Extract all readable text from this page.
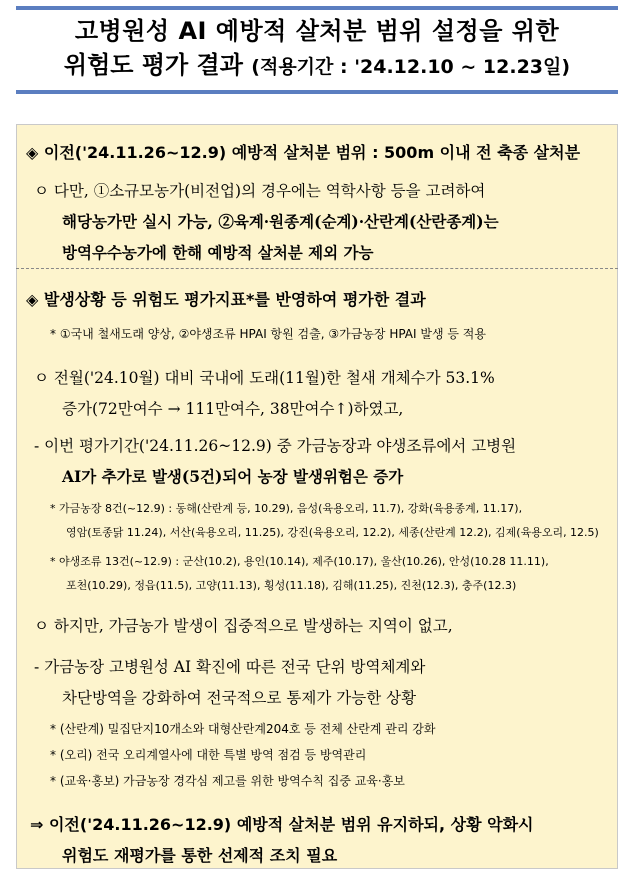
고병원성 AI 예방적 살처분 범위 설정을 위한
위험도 평가 결과 (적용기간 : '24.12.10 ~ 12.23일)
◈ 이전('24.11.26~12.9) 예방적 살처분 범위 : 500m 이내 전 축종 살처분
ㅇ 다만, ①소규모농가(비전업)의 경우에는 역학사항 등을 고려하여
해당농가만 실시 가능, ②육계·원종계(순계)·산란계(산란종계)는
방역우수농가에 한해 예방적 살처분 제외 가능
◈ 발생상황 등 위험도 평가지표*를 반영하여 평가한 결과
* ①국내 철새도래 양상, ②야생조류 HPAI 항원 검출, ③가금농장 HPAI 발생 등 적용
ㅇ 전월('24.10월) 대비 국내에 도래(11월)한 철새 개체수가 53.1%
증가(72만여수 → 111만여수, 38만여수↑)하였고,
- 이번 평가기간('24.11.26~12.9) 중 가금농장과 야생조류에서 고병원
AI가 추가로 발생(5건)되어 농장 발생위험은 증가
* 가금농장 8건(~12.9) : 동해(산란계 등, 10.29), 음성(육용오리, 11.7), 강화(육용종계, 11.17),
영암(토종닭 11.24), 서산(육용오리, 11.25), 강진(육용오리, 12.2), 세종(산란계 12.2), 김제(육용오리, 12.5)
* 야생조류 13건(~12.9) : 군산(10.2), 용인(10.14), 제주(10.17), 울산(10.26), 안성(10.28 11.11),
포천(10.29), 정읍(11.5), 고양(11.13), 횡성(11.18), 김해(11.25), 진천(12.3), 충주(12.3)
ㅇ 하지만, 가금농가 발생이 집중적으로 발생하는 지역이 없고,
- 가금농장 고병원성 AI 확진에 따른 전국 단위 방역체계와
차단방역을 강화하여 전국적으로 통제가 가능한 상황
* (산란계) 밀집단지10개소와 대형산란계204호 등 전체 산란계 관리 강화
* (오리) 전국 오리계열사에 대한 특별 방역 점검 등 방역관리
* (교육·홍보) 가금농장 경각심 제고를 위한 방역수칙 집중 교육·홍보
⇒ 이전('24.11.26~12.9) 예방적 살처분 범위 유지하되, 상황 악화시
위험도 재평가를 통한 선제적 조치 필요
